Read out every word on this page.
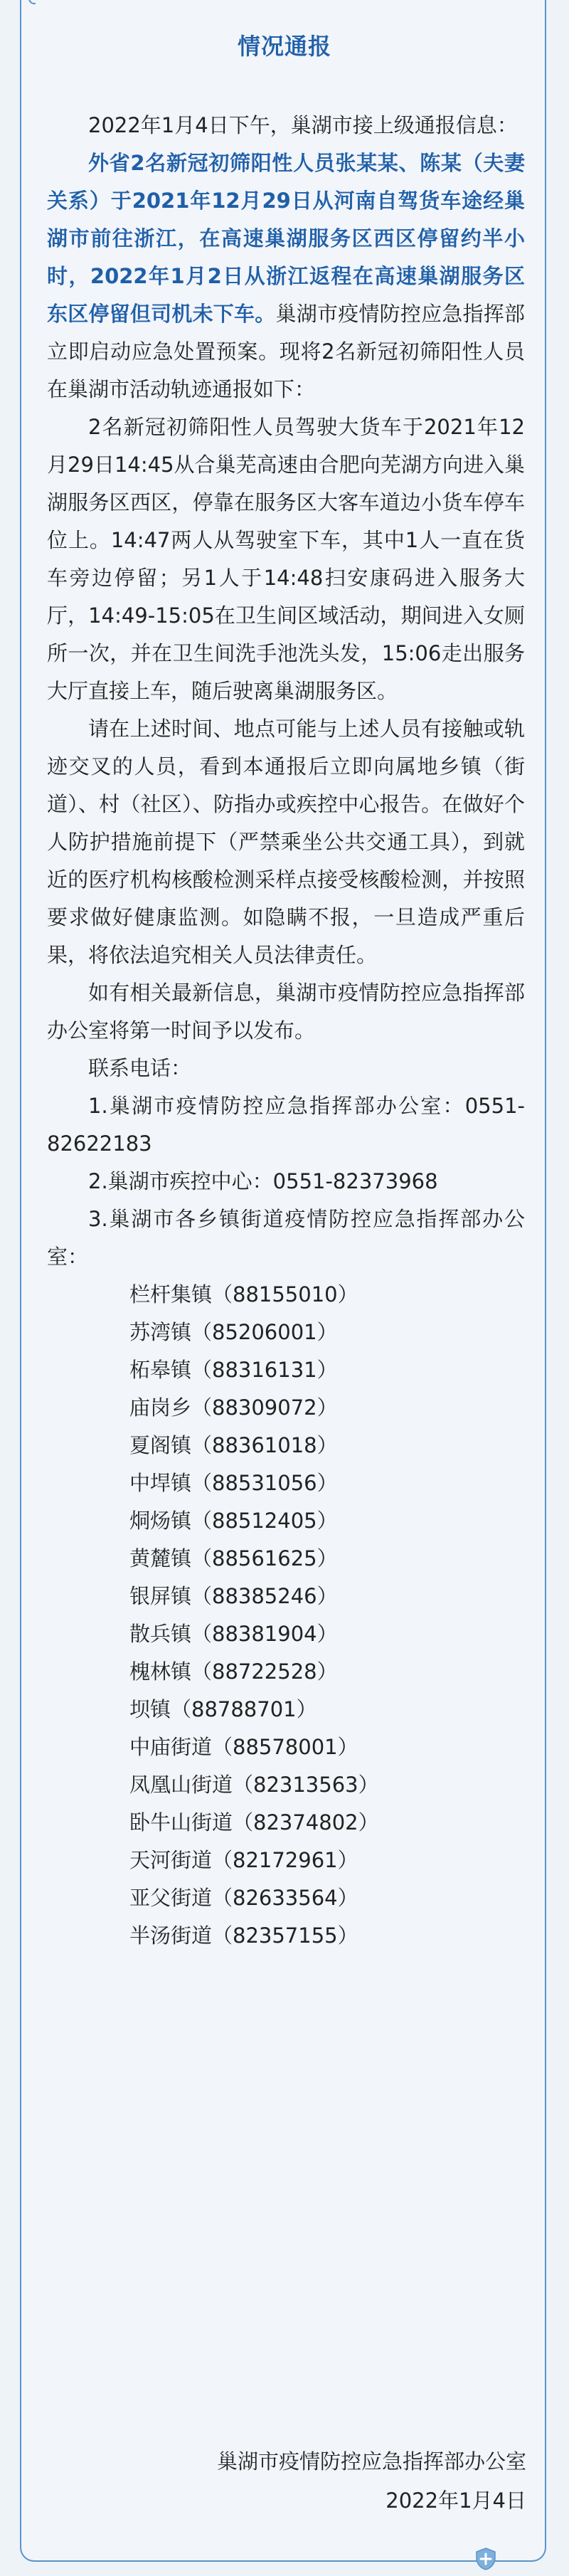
情况通报

2022年1月4日下午，巢湖市接上级通报信息：

外省2名新冠初筛阳性人员张某某、陈某（夫妻关系）于2021年12月29日从河南自驾货车途经巢湖市前往浙江，在高速巢湖服务区西区停留约半小时，2022年1月2日从浙江返程在高速巢湖服务区东区停留但司机未下车。巢湖市疫情防控应急指挥部立即启动应急处置预案。现将2名新冠初筛阳性人员在巢湖市活动轨迹通报如下：

2名新冠初筛阳性人员驾驶大货车于2021年12月29日14:45从合巢芜高速由合肥向芜湖方向进入巢湖服务区西区，停靠在服务区大客车道边小货车停车位上。14:47两人从驾驶室下车，其中1人一直在货车旁边停留；另1人于14:48扫安康码进入服务大厅，14:49-15:05在卫生间区域活动，期间进入女厕所一次，并在卫生间洗手池洗头发，15:06走出服务大厅直接上车，随后驶离巢湖服务区。

请在上述时间、地点可能与上述人员有接触或轨迹交叉的人员，看到本通报后立即向属地乡镇（街道）、村（社区）、防指办或疾控中心报告。在做好个人防护措施前提下（严禁乘坐公共交通工具），到就近的医疗机构核酸检测采样点接受核酸检测，并按照要求做好健康监测。如隐瞒不报，一旦造成严重后果，将依法追究相关人员法律责任。

如有相关最新信息，巢湖市疫情防控应急指挥部办公室将第一时间予以发布。

联系电话：

1.巢湖市疫情防控应急指挥部办公室：0551-82622183

2.巢湖市疾控中心：0551-82373968

3.巢湖市各乡镇街道疫情防控应急指挥部办公室：

栏杆集镇（88155010）

苏湾镇（85206001）

柘皋镇（88316131）

庙岗乡（88309072）

夏阁镇（88361018）

中垾镇（88531056）

烔炀镇（88512405）

黄麓镇（88561625）

银屏镇（88385246）

散兵镇（88381904）

槐林镇（88722528）

坝镇（88788701）

中庙街道（88578001）

凤凰山街道（82313563）

卧牛山街道（82374802）

天河街道（82172961）

亚父街道（82633564）

半汤街道（82357155）

巢湖市疫情防控应急指挥部办公室
2022年1月4日
